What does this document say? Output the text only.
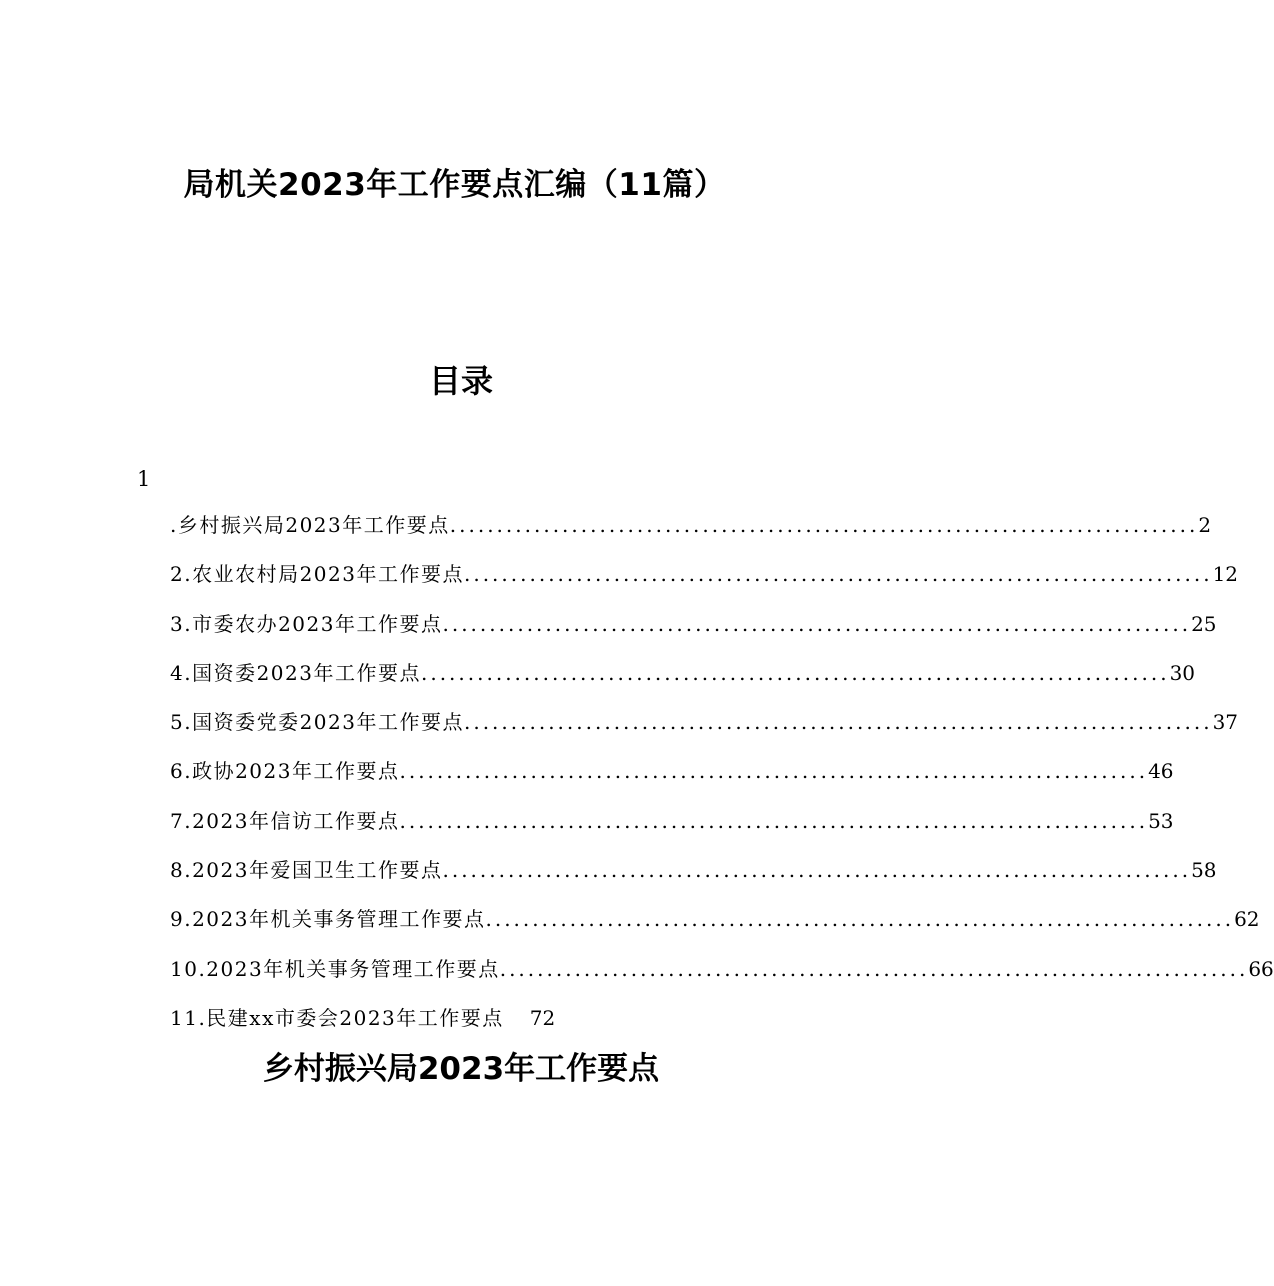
局机关2023年工作要点汇编（11篇）
目录
1
.乡村振兴局2023年工作要点 ................................................................................ 2
2.农业农村局2023年工作要点 ................................................................................ 12
3.市委农办2023年工作要点 ................................................................................ 25
4.国资委2023年工作要点 ................................................................................ 30
5.国资委党委2023年工作要点 ................................................................................ 37
6.政协2023年工作要点 ................................................................................ 46
7.2023年信访工作要点 ................................................................................ 53
8.2023年爱国卫生工作要点 ................................................................................ 58
9.2023年机关事务管理工作要点 ................................................................................ 62
10.2023年机关事务管理工作要点 ................................................................................ 66
11.民建xx市委会2023年工作要点 72
乡村振兴局2023年工作要点
